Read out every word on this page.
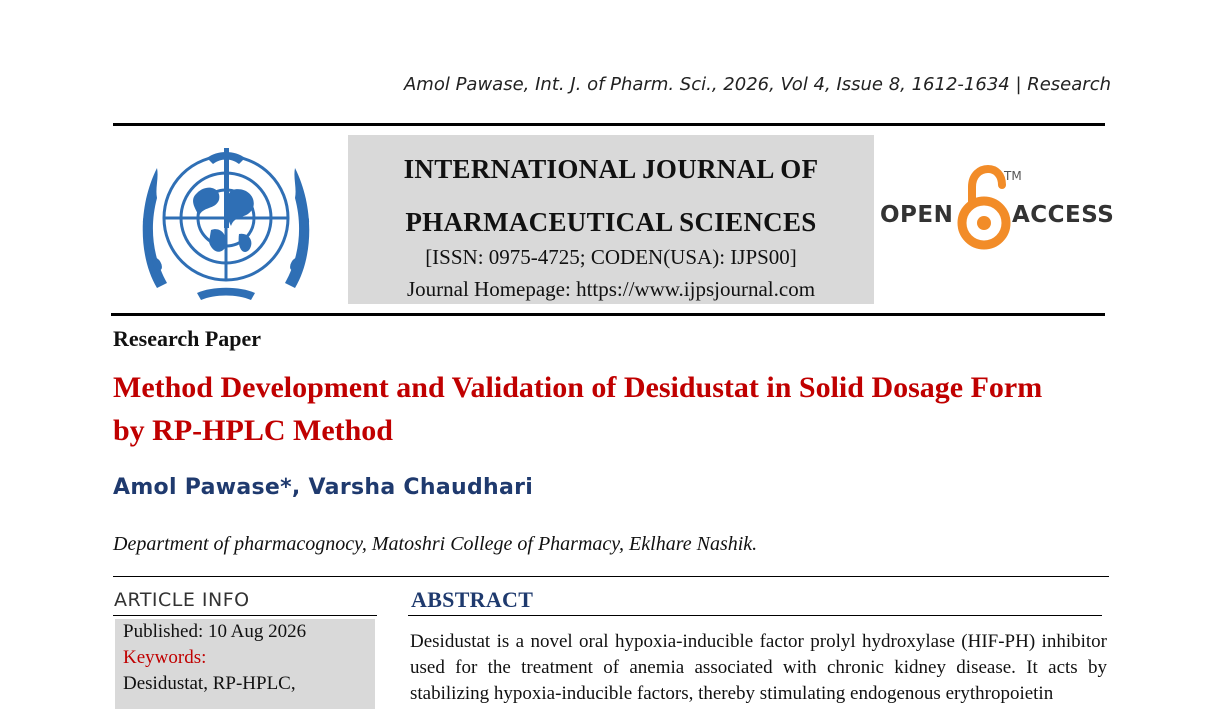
Amol Pawase, Int. J. of Pharm. Sci., 2026, Vol 4, Issue 8, 1612-1634 | Research
INTERNATIONAL JOURNAL OF
PHARMACEUTICAL SCIENCES
[ISSN: 0975-4725; CODEN(USA): IJPS00]
Journal Homepage: https://www.ijpsjournal.com
OPEN
TM
ACCESS
Research Paper
Method Development and Validation of Desidustat in Solid Dosage Form
by RP-HPLC Method
Amol Pawase*, Varsha Chaudhari
Department of pharmacognocy, Matoshri College of Pharmacy, Eklhare Nashik.
ARTICLE INFO
Published: 10 Aug 2026
Keywords:
Desidustat, RP-HPLC,
ABSTRACT
Desidustat is a novel oral hypoxia-inducible factor prolyl hydroxylase (HIF-PH) inhibitor used for the treatment of anemia associated with chronic kidney disease. It acts by stabilizing hypoxia-inducible factors, thereby stimulating endogenous erythropoietin
